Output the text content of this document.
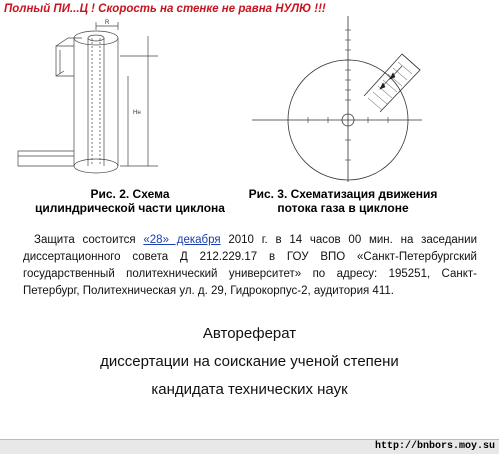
Полный ПИ...Ц ! Скорость на стенке не равна НУЛЮ !!!
R
Hн
Рис. 2. Схема
цилиндрической части циклона
Рис. 3. Схематизация движения
потока газа в циклоне
Защита состоится «28» декабря 2010 г. в 14 часов 00 мин. на заседании
диссертационного совета Д 212.229.17 в ГОУ ВПО «Санкт-Петербургский
государственный политехнический университет» по адресу: 195251, Санкт-
Петербург, Политехническая ул. д. 29, Гидрокорпус-2, аудитория 411.
Автореферат
диссертации на соискание ученой степени
кандидата технических наук
http://bnbors.moy.su
